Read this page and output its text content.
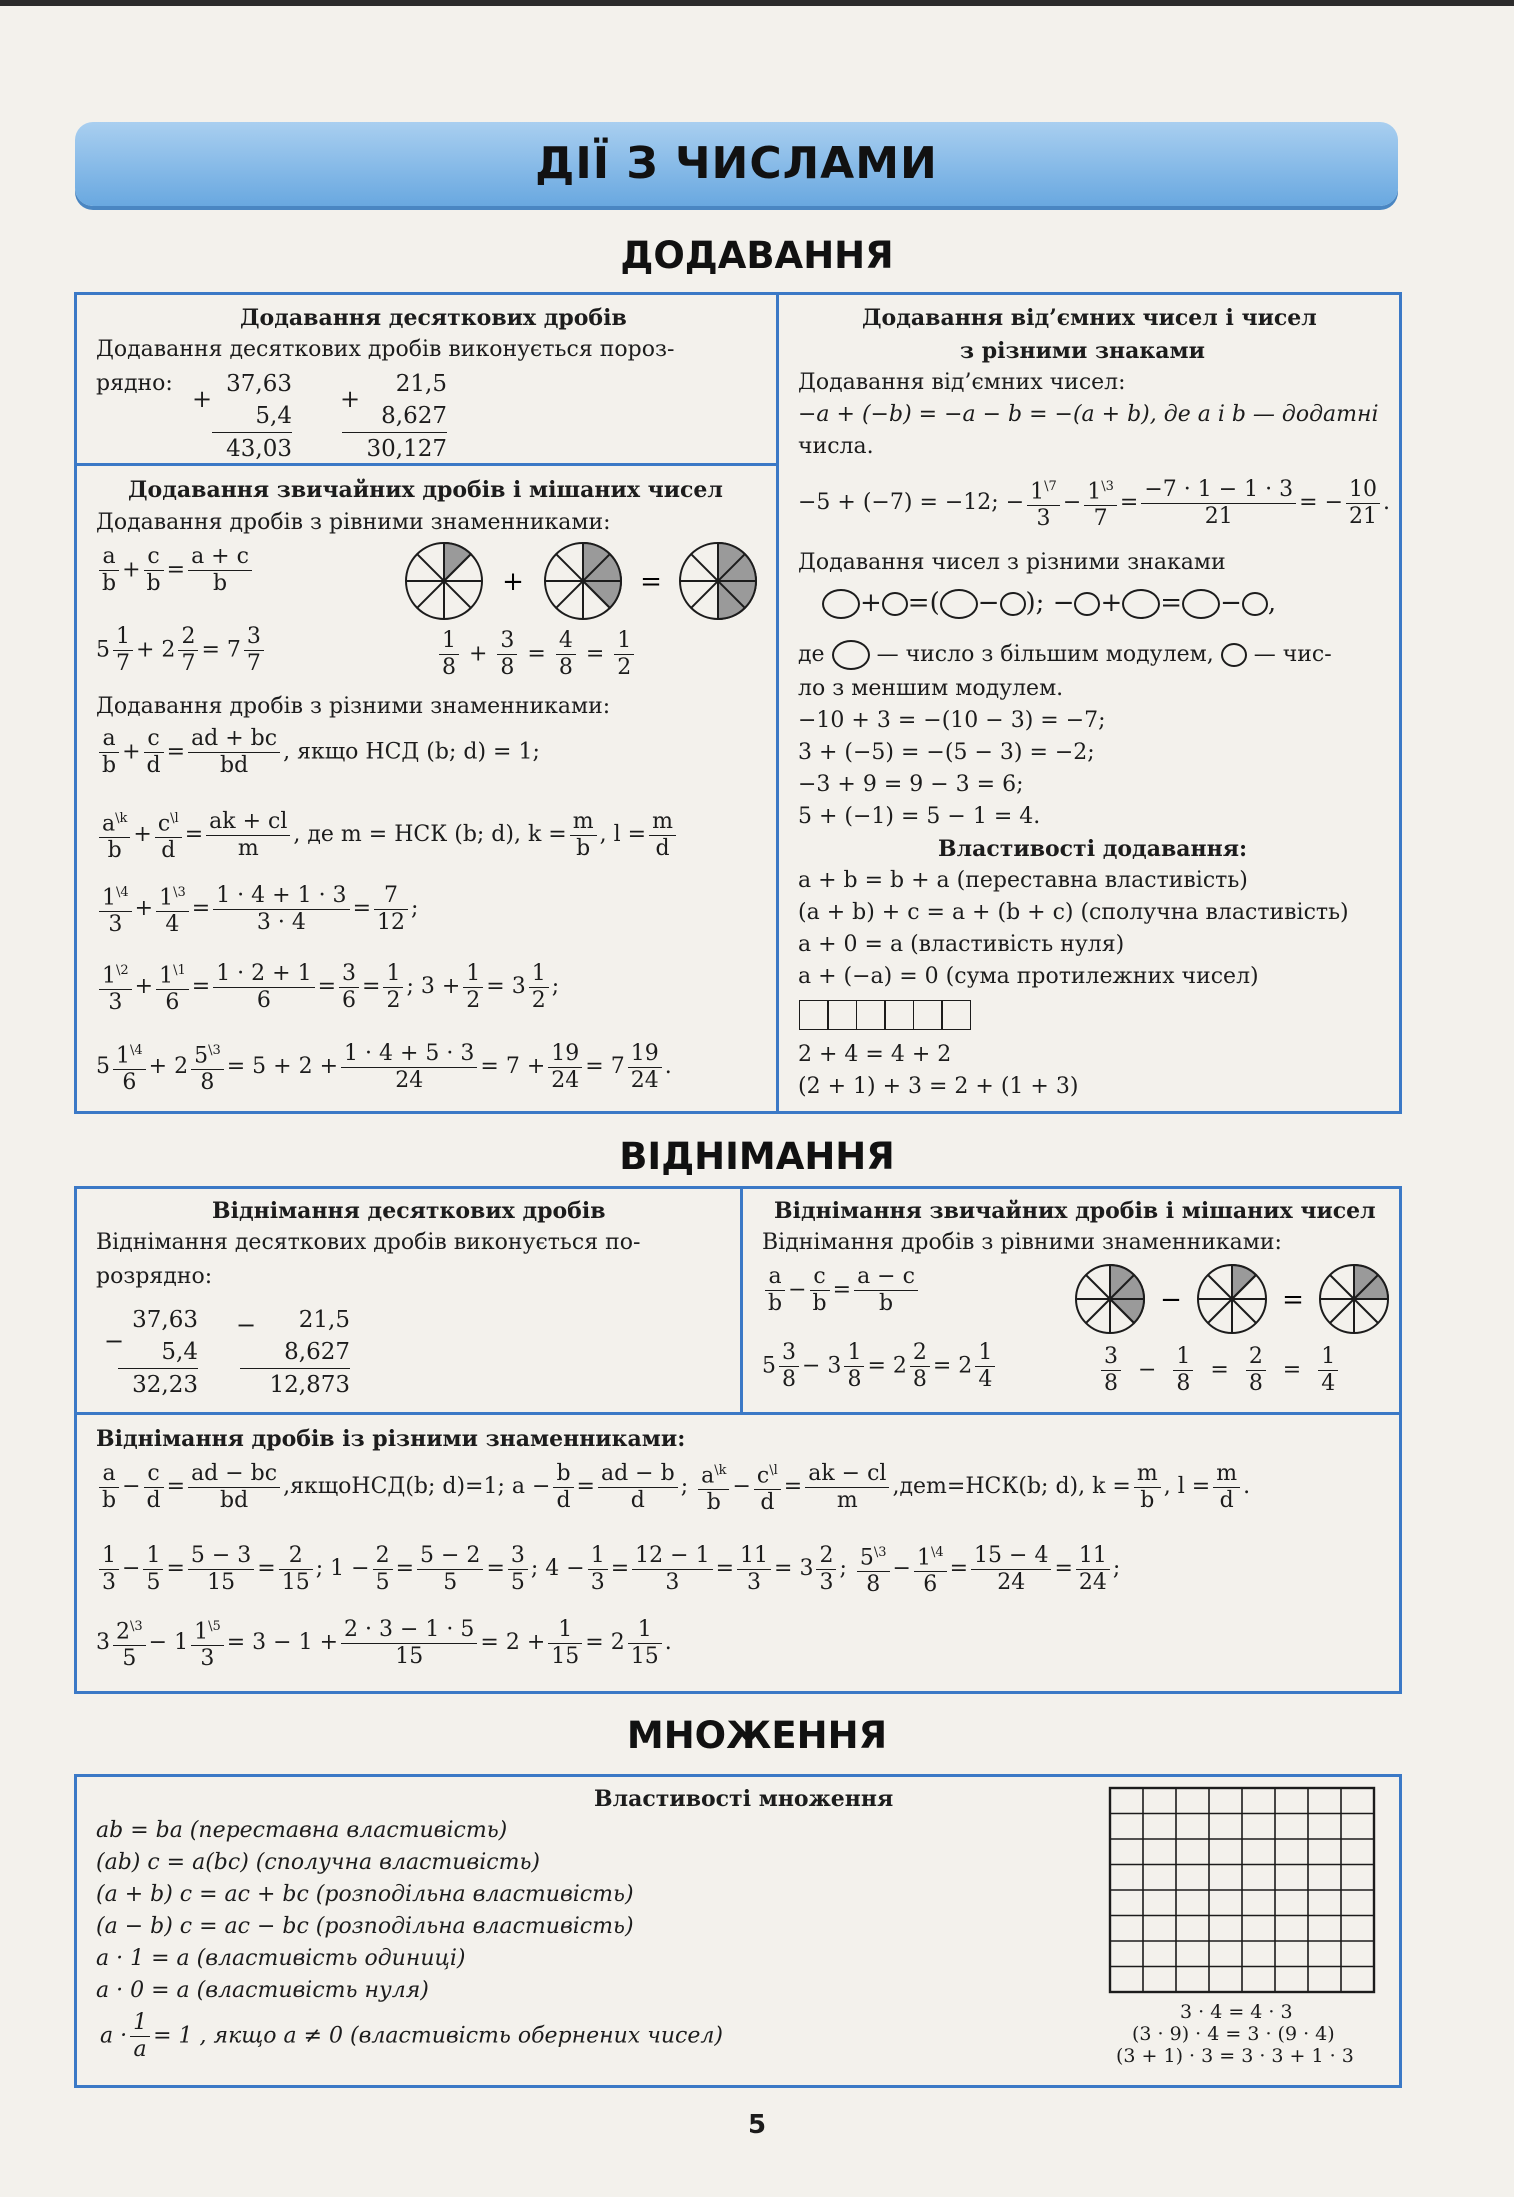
ДІЇ З ЧИСЛАМИ
ДОДАВАННЯ
Додавання десяткових дробів
Додавання десяткових дробів виконується пороз-
рядно:
+
37,63
5,4
43,03
+
21,5
8,627
30,127
Додавання звичайних дробів і мішаних чисел
Додавання дробів з рівними знаменниками:
$\frac{a}{b} + \frac{c}{b} = \frac{a + c}{b}$	+	=
$5 \frac{1}{7} + 2 \frac{2}{7} = 7 \frac{3}{7}$	$\frac{1}{8} + \frac{3}{8} = \frac{4}{8} = \frac{1}{2}$
Додавання дробів з різними знаменниками:
$\frac{a}{b} + \frac{c}{d} = \frac{ad + bc}{bd}$ , якщо НСД (b; d) = 1;
$\frac{a^{\backslash k}}{b} + \frac{c^{\backslash l}}{d} = \frac{ak + cl}{m}$ , де m = НСК (b; d), $k = \frac{m}{b}$ , $l = \frac{m}{d}$
$\frac{1^{\backslash 4}}{3} + \frac{1^{\backslash 3}}{4} = \frac{1 \cdot 4 + 1 \cdot 3}{3 \cdot 4} = \frac{7}{12}$ ;
$\frac{1^{\backslash 2}}{3} + \frac{1^{\backslash 1}}{6} = \frac{1 \cdot 2 + 1}{6} = \frac{3}{6} = \frac{1}{2}$ ; $3 + \frac{1}{2} = 3 \frac{1}{2}$ ;
$5 \frac{1^{\backslash 4}}{6} + 2 \frac{5^{\backslash 3}}{8} = 5 + 2 + \frac{1 \cdot 4 + 5 \cdot 3}{24} = 7 + \frac{19}{24} = 7 \frac{19}{24}$ .
Додавання від’ємних чисел і чисел
з різними знаками
Додавання від’ємних чисел:
−a + (−b) = −a − b = −(a + b), де a і b — додатні
числа.
−5 + (−7) = −12; − $\frac{1^{\backslash 7}}{3} - \frac{1^{\backslash 3}}{7} = \frac{-7 \cdot 1 - 1 \cdot 3}{21}$ = − $\frac{10}{21}$ .
Додавання чисел з різними знаками
+ =( − ); − + = − ,
де — число з більшим модулем, — чис-
ло з меншим модулем.
−10 + 3 = −(10 − 3) = −7;
3 + (−5) = −(5 − 3) = −2;
−3 + 9 = 9 − 3 = 6;
5 + (−1) = 5 − 1 = 4.
Властивості додавання:
a + b = b + a (переставна властивість)
(a + b) + c = a + (b + c) (сполучна властивість)
a + 0 = a (властивість нуля)
a + (−a) = 0 (сума протилежних чисел)
2 + 4 = 4 + 2
(2 + 1) + 3 = 2 + (1 + 3)
ВІДНІМАННЯ
Віднімання десяткових дробів
Віднімання десяткових дробів виконується по-
розрядно:
−
37,63
5,4
32,23
−	21,5
8,627
12,873
Віднімання звичайних дробів і мішаних чисел
Віднімання дробів з рівними знаменниками:
$\frac{a}{b} - \frac{c}{b} = \frac{a - c}{b}$	−	=
$5 \frac{3}{8} - 3 \frac{1}{8} = 2 \frac{2}{8} = 2 \frac{1}{4}$	$\frac{3}{8} - \frac{1}{8} = \frac{2}{8} = \frac{1}{4}$
Віднімання дробів із різними знаменниками:
$\frac{a}{b} - \frac{c}{d} = \frac{ad - bc}{bd}$ ,якщоНСД(b; d)=1; $a - \frac{b}{d} = \frac{ad - b}{d}$ ; $\frac{a^{\backslash k}}{b} - \frac{c^{\backslash l}}{d} = \frac{ak - cl}{m} ,деm=НСК(b$; d), $k = \frac{m}{b}$ , $l = \frac{m}{d}$ .
$\frac{1}{3} - \frac{1}{5} = \frac{5 - 3}{15} = \frac{2}{15}$ ; $1 - \frac{2}{5} = \frac{5 - 2}{5} = \frac{3}{5}$ ; $4 - \frac{1}{3} = \frac{12 - 1}{3} = \frac{11}{3} = 3 \frac{2}{3}$ ; $\frac{5^{\backslash 3}}{8} - \frac{1^{\backslash 4}}{6} = \frac{15 - 4}{24} = \frac{11}{24}$ ;
$3 \frac{2^{\backslash 3}}{5} - 1 \frac{1^{\backslash 5}}{3} = 3 - 1 + \frac{2 \cdot 3 - 1 \cdot 5}{15} = 2 + \frac{1}{15} = 2 \frac{1}{15}$ .
МНОЖЕННЯ
Властивості множення
ab = ba (переставна властивість)
(ab) c = a(bc) (сполучна властивість)
(a + b) c = ac + bc (розподільна властивість)
(a − b) c = ac − bc (розподільна властивість)
a · 1 = a (властивість одиниці)
a · 0 = a (властивість нуля)
$a \cdot \frac{1}{a} = 1$ , якщо a ≠ 0 (властивість обернених чисел)
3 · 4 = 4 · 3
(3 · 9) · 4 = 3 · (9 · 4)
(3 + 1) · 3 = 3 · 3 + 1 · 3
5
